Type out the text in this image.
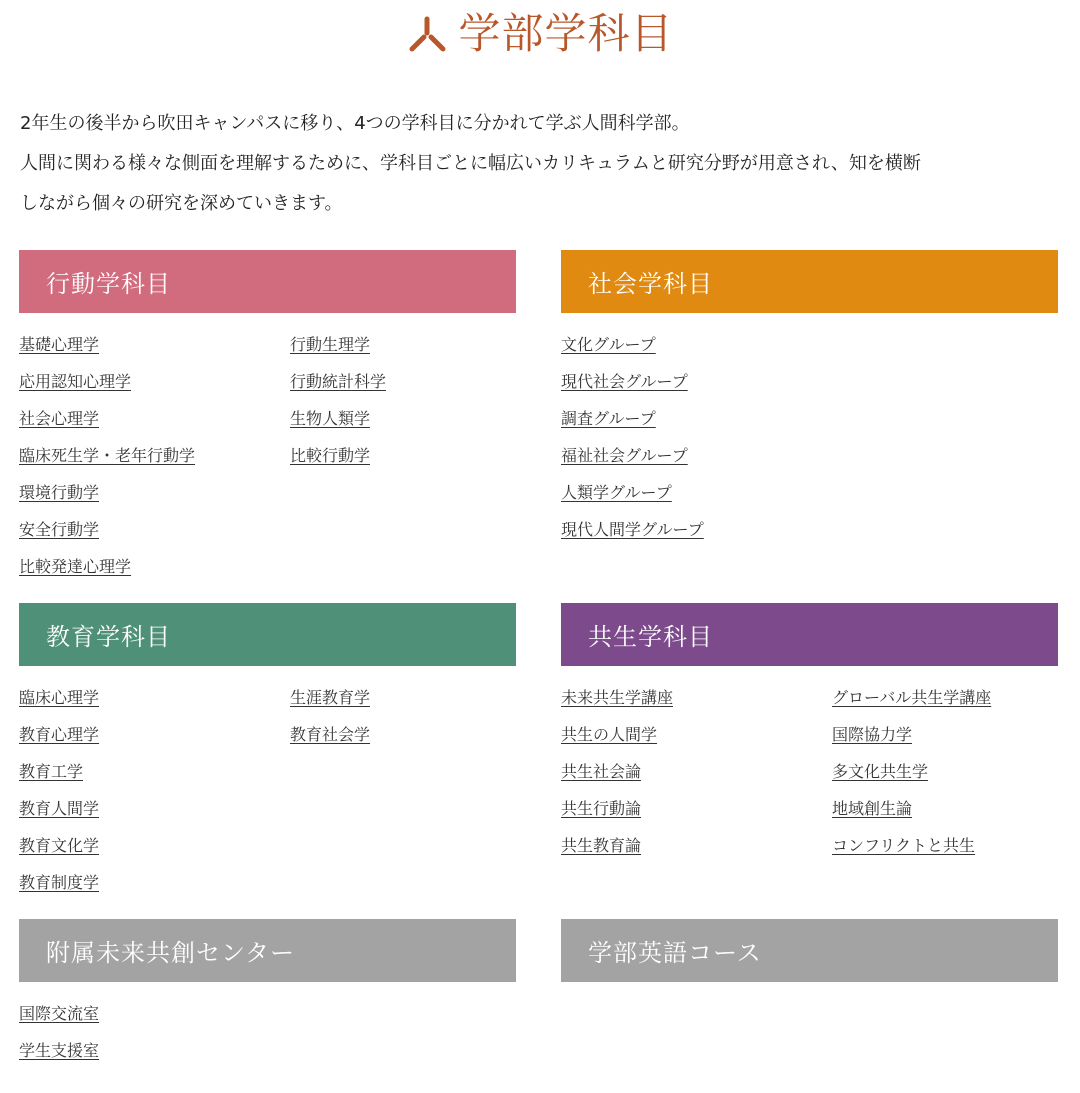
学部学科目

2年生の後半から吹田キャンパスに移り、4つの学科目に分かれて学ぶ人間科学部。

人間に関わる様々な側面を理解するために、学科目ごとに幅広いカリキュラムと研究分野が用意され、知を横断

しながら個々の研究を深めていきます。

行動学科目
基礎心理学
応用認知心理学
社会心理学
臨床死生学・老年行動学
環境行動学
安全行動学
比較発達心理学
行動生理学
行動統計科学
生物人類学
比較行動学
社会学科目
文化グループ
現代社会グループ
調査グループ
福祉社会グループ
人類学グループ
現代人間学グループ
教育学科目
臨床心理学
教育心理学
教育工学
教育人間学
教育文化学
教育制度学
生涯教育学
教育社会学
共生学科目
未来共生学講座
共生の人間学
共生社会論
共生行動論
共生教育論
グローバル共生学講座
国際協力学
多文化共生学
地域創生論
コンフリクトと共生
附属未来共創センター
国際交流室
学生支援室
学部英語コース
